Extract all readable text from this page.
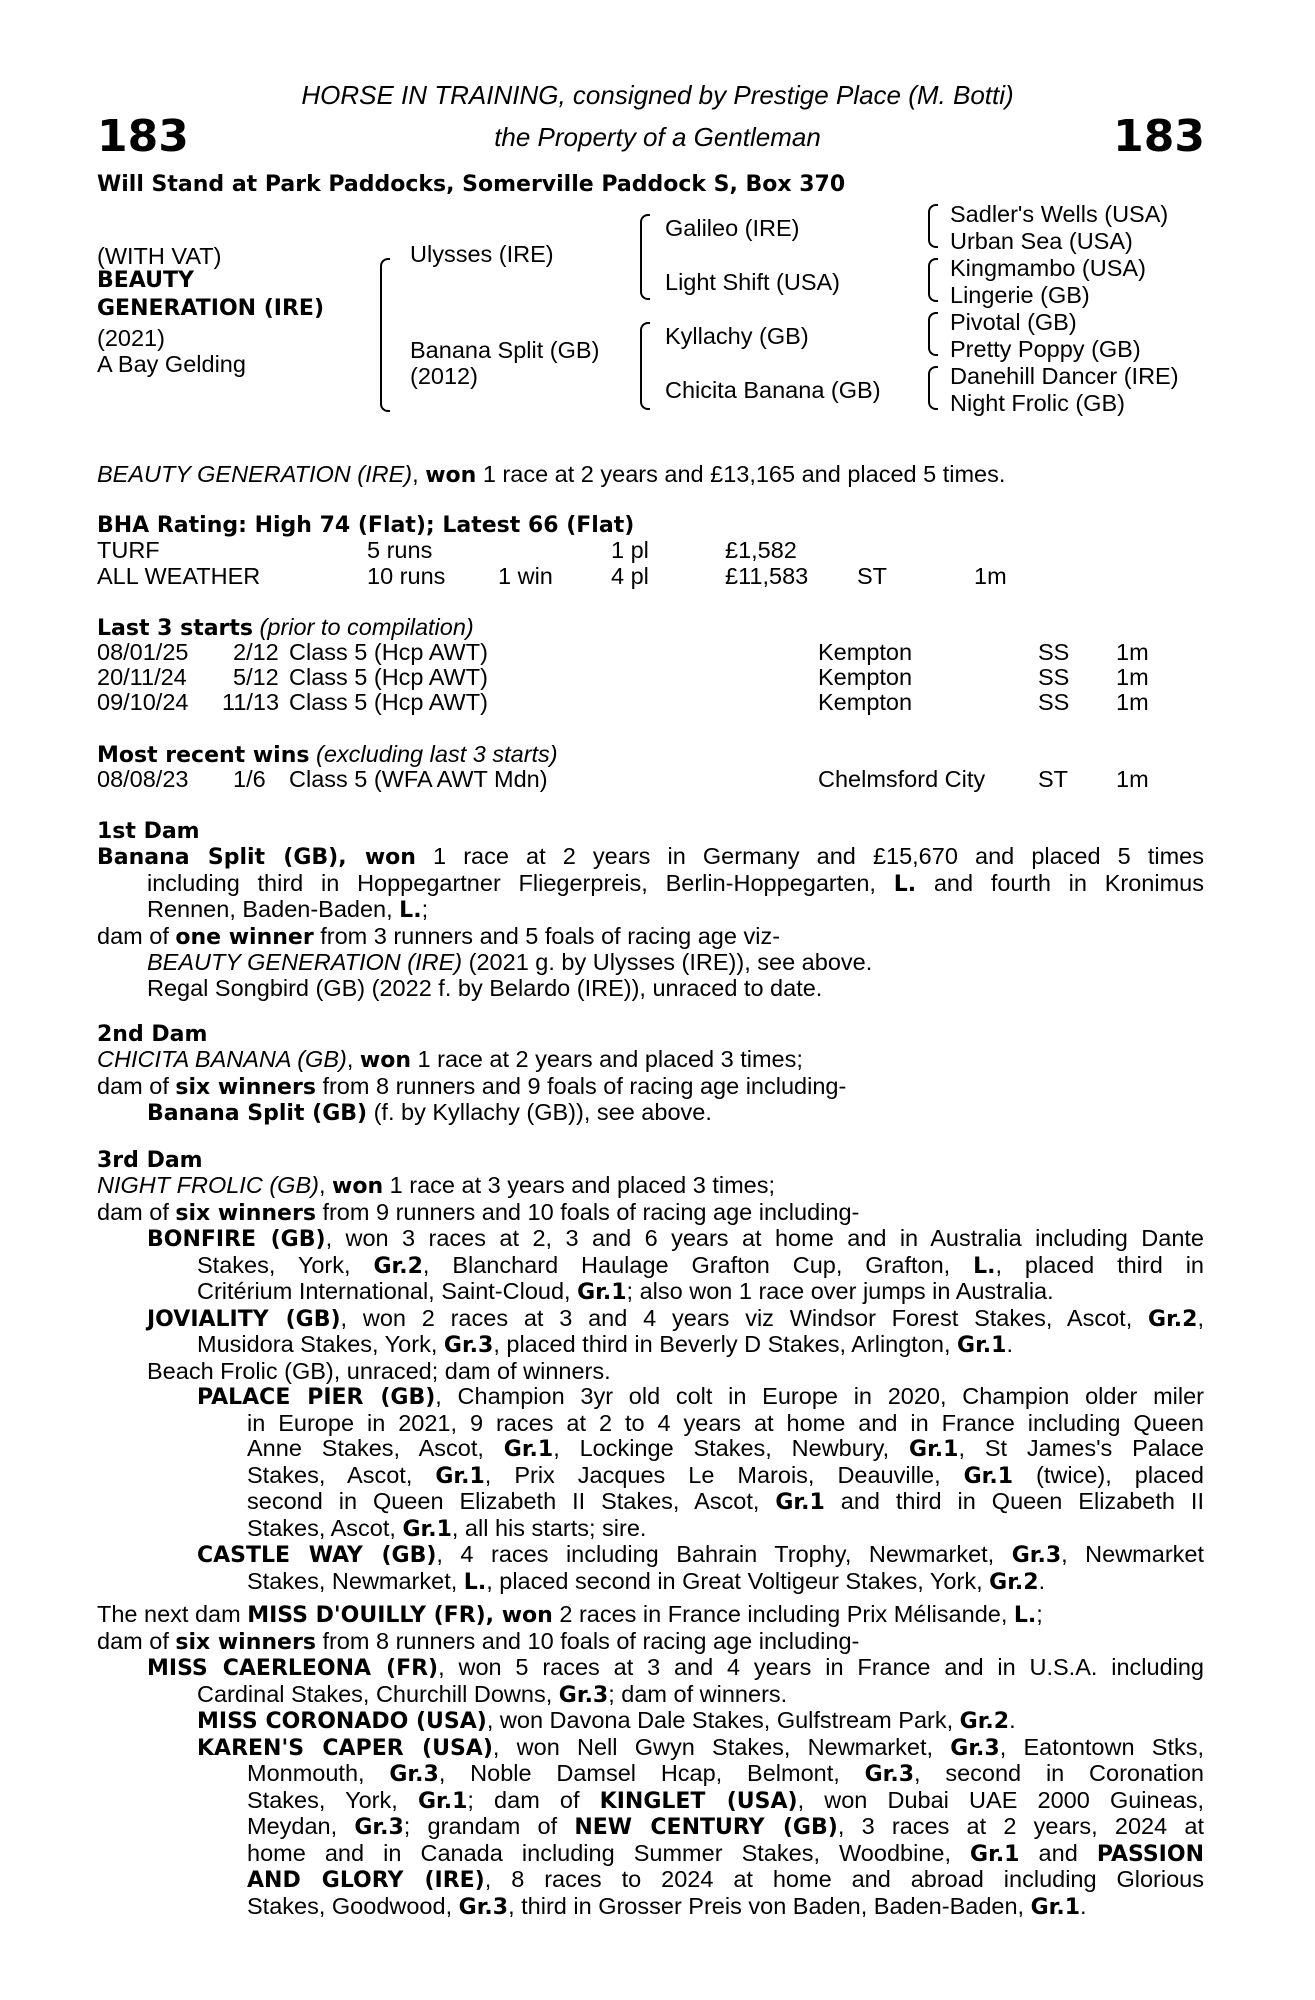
183	183
HORSE IN TRAINING, consigned by Prestige Place (M. Botti)
the Property of a Gentleman
Will Stand at Park Paddocks, Somerville Paddock S, Box 370
(WITH VAT)
BEAUTY
GENERATION (IRE)
(2021)
A Bay Gelding
Ulysses (IRE)
Banana Split (GB)
(2012)
Galileo (IRE)
Light Shift (USA)
Kyllachy (GB)
Chicita Banana (GB)
Sadler's Wells (USA)
Urban Sea (USA)
Kingmambo (USA)
Lingerie (GB)
Pivotal (GB)
Pretty Poppy (GB)
Danehill Dancer (IRE)
Night Frolic (GB)
BEAUTY GENERATION (IRE), won 1 race at 2 years and £13,165 and placed 5 times.
BHA Rating: High 74 (Flat); Latest 66 (Flat)
TURF	5 runs	1 pl	£1,582
ALL WEATHER	10 runs 1 win 4 pl	£11,583 ST	1m
Last 3 starts (prior to compilation)
08/01/25 2/12 Class 5 (Hcp AWT)	Kempton	SS 1m
20/11/24 5/12 Class 5 (Hcp AWT)	Kempton	SS 1m
09/10/24 11/13 Class 5 (Hcp AWT)	Kempton	SS 1m
Most recent wins (excluding last 3 starts)
08/08/23 1/6 Class 5 (WFA AWT Mdn)	Chelmsford City ST 1m
1st Dam
Banana Split (GB), won 1 race at 2 years in Germany and £15,670 and placed 5 times
including third in Hoppegartner Fliegerpreis, Berlin-Hoppegarten, L. and fourth in Kronimus
Rennen, Baden-Baden, L.;
dam of one winner from 3 runners and 5 foals of racing age viz-
BEAUTY GENERATION (IRE) (2021 g. by Ulysses (IRE)), see above.
Regal Songbird (GB) (2022 f. by Belardo (IRE)), unraced to date.
2nd Dam
CHICITA BANANA (GB), won 1 race at 2 years and placed 3 times;
dam of six winners from 8 runners and 9 foals of racing age including-
Banana Split (GB) (f. by Kyllachy (GB)), see above.
3rd Dam
NIGHT FROLIC (GB), won 1 race at 3 years and placed 3 times;
dam of six winners from 9 runners and 10 foals of racing age including-
BONFIRE (GB), won 3 races at 2, 3 and 6 years at home and in Australia including Dante
Stakes, York, Gr.2, Blanchard Haulage Grafton Cup, Grafton, L., placed third in
Critérium International, Saint-Cloud, Gr.1; also won 1 race over jumps in Australia.
JOVIALITY (GB), won 2 races at 3 and 4 years viz Windsor Forest Stakes, Ascot, Gr.2,
Musidora Stakes, York, Gr.3, placed third in Beverly D Stakes, Arlington, Gr.1.
Beach Frolic (GB), unraced; dam of winners.
PALACE PIER (GB), Champion 3yr old colt in Europe in 2020, Champion older miler
in Europe in 2021, 9 races at 2 to 4 years at home and in France including Queen
Anne Stakes, Ascot, Gr.1, Lockinge Stakes, Newbury, Gr.1, St James's Palace
Stakes, Ascot, Gr.1, Prix Jacques Le Marois, Deauville, Gr.1 (twice), placed
second in Queen Elizabeth II Stakes, Ascot, Gr.1 and third in Queen Elizabeth II
Stakes, Ascot, Gr.1, all his starts; sire.
CASTLE WAY (GB), 4 races including Bahrain Trophy, Newmarket, Gr.3, Newmarket
Stakes, Newmarket, L., placed second in Great Voltigeur Stakes, York, Gr.2.
The next dam MISS D'OUILLY (FR), won 2 races in France including Prix Mélisande, L.;
dam of six winners from 8 runners and 10 foals of racing age including-
MISS CAERLEONA (FR), won 5 races at 3 and 4 years in France and in U.S.A. including
Cardinal Stakes, Churchill Downs, Gr.3; dam of winners.
MISS CORONADO (USA), won Davona Dale Stakes, Gulfstream Park, Gr.2.
KAREN'S CAPER (USA), won Nell Gwyn Stakes, Newmarket, Gr.3, Eatontown Stks,
Monmouth, Gr.3, Noble Damsel Hcap, Belmont, Gr.3, second in Coronation
Stakes, York, Gr.1; dam of KINGLET (USA), won Dubai UAE 2000 Guineas,
Meydan, Gr.3; grandam of NEW CENTURY (GB), 3 races at 2 years, 2024 at
home and in Canada including Summer Stakes, Woodbine, Gr.1 and PASSION
AND GLORY (IRE), 8 races to 2024 at home and abroad including Glorious
Stakes, Goodwood, Gr.3, third in Grosser Preis von Baden, Baden-Baden, Gr.1.
